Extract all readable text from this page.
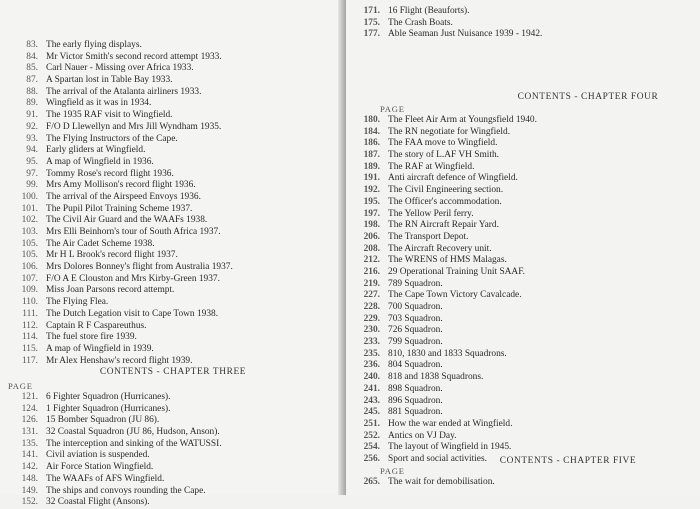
83. The early flying displays.
84. Mr Victor Smith's second record attempt 1933.
85. Carl Nauer - Missing over Africa 1933.
87. A Spartan lost in Table Bay 1933.
88. The arrival of the Atalanta airliners 1933.
89. Wingfield as it was in 1934.
91. The 1935 RAF visit to Wingfield.
92. F/O D Llewellyn and Mrs Jill Wyndham 1935.
93. The Flying Instructors of the Cape.
94. Early gliders at Wingfield.
95. A map of Wingfield in 1936.
97. Tommy Rose's record flight 1936.
99. Mrs Amy Mollison's record flight 1936.
100. The arrival of the Airspeed Envoys 1936.
101. The Pupil Pilot Training Scheme 1937.
102. The Civil Air Guard and the WAAFs 1938.
103. Mrs Elli Beinhorn's tour of South Africa 1937.
105. The Air Cadet Scheme 1938.
105. Mr H L Brook's record flight 1937.
106. Mrs Dolores Bonney's flight from Australia 1937.
107. F/O A E Clouston and Mrs Kirby-Green 1937.
109. Miss Joan Parsons record attempt.
110. The Flying Flea.
111. The Dutch Legation visit to Cape Town 1938.
112. Captain R F Caspareuthus.
114. The fuel store fire 1939.
115. A map of Wingfield in 1939.
117. Mr Alex Henshaw's record flight 1939.
CONTENTS - CHAPTER THREE
PAGE
121. 6 Fighter Squadron (Hurricanes).
124. 1 Fighter Squadron (Hurricanes).
126. 15 Bomber Squadron (JU 86).
131. 32 Coastal Squadron (JU 86, Hudson, Anson).
135. The interception and sinking of the WATUSSI.
141. Civil aviation is suspended.
142. Air Force Station Wingfield.
148. The WAAFs of AFS Wingfield.
149. The ships and convoys rounding the Cape.
152. 32 Coastal Flight (Ansons).
171. 16 Flight (Beauforts).
175. The Crash Boats.
177. Able Seaman Just Nuisance 1939 - 1942.
CONTENTS - CHAPTER FOUR
PAGE
180. The Fleet Air Arm at Youngsfield 1940.
184. The RN negotiate for Wingfield.
186. The FAA move to Wingfield.
187. The story of L.AF VH Smith.
189. The RAF at Wingfield.
191. Anti aircraft defence of Wingfield.
192. The Civil Engineering section.
195. The Officer's accommodation.
197. The Yellow Peril ferry.
198. The RN Aircraft Repair Yard.
206. The Transport Depot.
208. The Aircraft Recovery unit.
212. The WRENS of HMS Malagas.
216. 29 Operational Training Unit SAAF.
219. 789 Squadron.
227. The Cape Town Victory Cavalcade.
228. 700 Squadron.
229. 703 Squadron.
230. 726 Squadron.
233. 799 Squadron.
235. 810, 1830 and 1833 Squadrons.
236. 804 Squadron.
240. 818 and 1838 Squadrons.
241. 898 Squadron.
243. 896 Squadron.
245. 881 Squadron.
251. How the war ended at Wingfield.
252. Antics on VJ Day.
254. The layout of Wingfield in 1945.
256. Sport and social activities.	CONTENTS - CHAPTER FIVE
PAGE
265. The wait for demobilisation.
